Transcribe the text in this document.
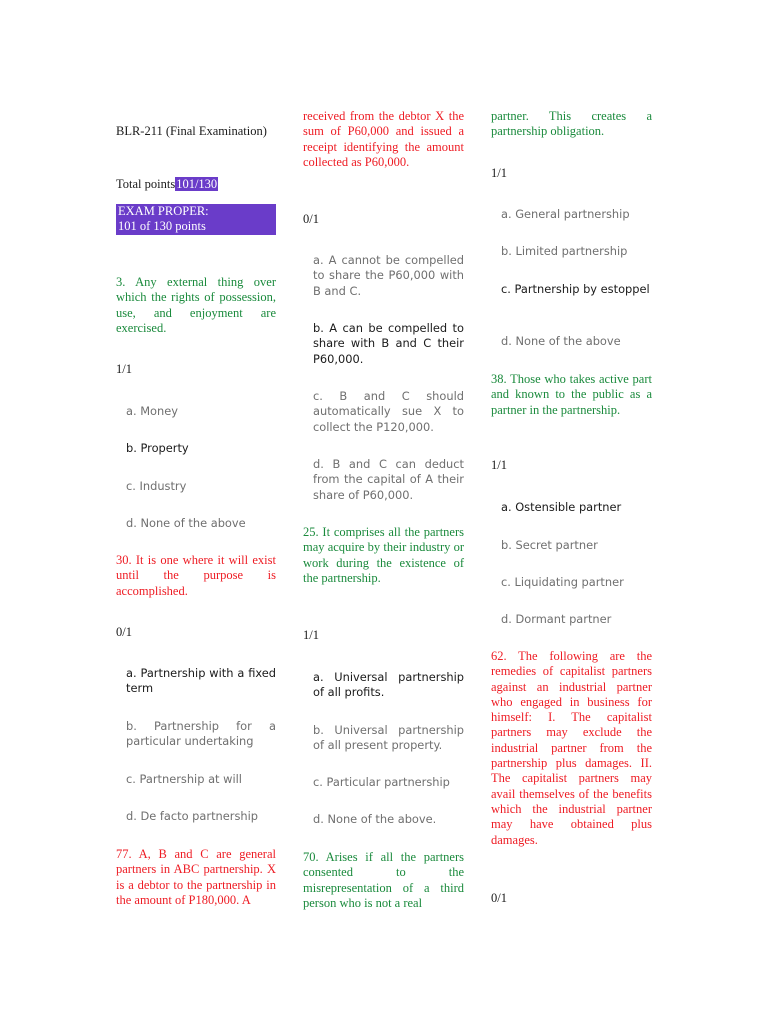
BLR-211 (Final Examination)
Total points101/130
EXAM PROPER:
101 of 130 points
3. Any external thing over which the rights of possession, use, and enjoyment are exercised.
1/1
a. Money
b. Property
c. Industry
d. None of the above
30. It is one where it will exist until the purpose is accomplished.
0/1
a. Partnership with a fixed term
b. Partnership for a particular undertaking
c. Partnership at will
d. De facto partnership
77. A, B and C are general partners in ABC partnership. X is a debtor to the partnership in the amount of P180,000. A
received from the debtor X the sum of P60,000 and issued a receipt identifying the amount collected as P60,000.
0/1
a. A cannot be compelled to share the P60,000 with B and C.
b. A can be compelled to share with B and C their P60,000.
c. B and C should automatically sue X to collect the P120,000.
d. B and C can deduct from the capital of A their share of P60,000.
25. It comprises all the partners may acquire by their industry or work during the existence of the partnership.
1/1
a. Universal partnership of all profits.
b. Universal partnership of all present property.
c. Particular partnership
d. None of the above.
70. Arises if all the partners consented to the misrepresentation of a third person who is not a real
partner. This creates a partnership obligation.
1/1
a. General partnership
b. Limited partnership
c. Partnership by estoppel
d. None of the above
38. Those who takes active part and known to the public as a partner in the partnership.
1/1
a. Ostensible partner
b. Secret partner
c. Liquidating partner
d. Dormant partner
62. The following are the remedies of capitalist partners against an industrial partner who engaged in business for himself: I. The capitalist partners may exclude the industrial partner from the partnership plus damages. II. The capitalist partners may avail themselves of the benefits which the industrial partner may have obtained plus damages.
0/1
